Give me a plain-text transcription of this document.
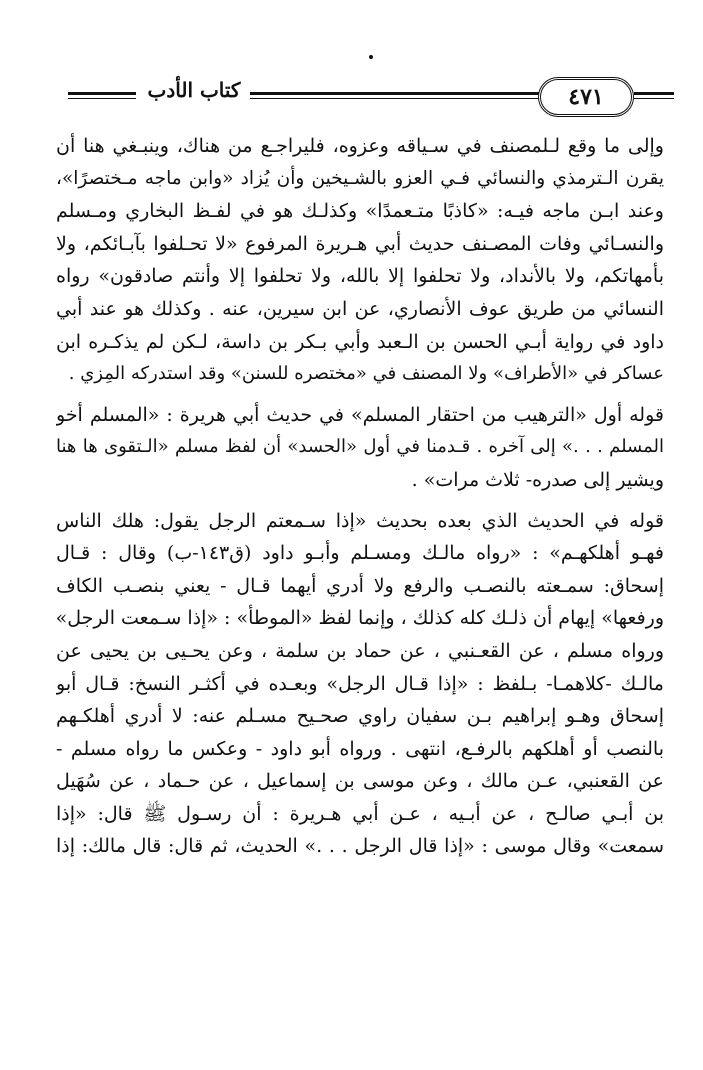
كتاب الأدب	٤٧١
وإلى ما وقع لـلمصنف في سـياقه وعزوه، فليراجـع من هناك، وينبـغي هنا أن
يقرن الـترمذي والنسائي فـي العزو بالشـيخين وأن يُزاد «وابن ماجه مـختصرًا»،
وعند ابـن ماجه فيـه: «كاذبًا متـعمدًا» وكذلـك هو في لفـظ البخاري ومـسلم
والنسـائي وفات المصـنف حديث أبي هـريرة المرفوع «لا تحـلفوا بآبـائكم، ولا
بأمهاتكم، ولا بالأنداد، ولا تحلفوا إلا بالله، ولا تحلفوا إلا وأنتم صادقون» رواه
النسائي من طريق عوف الأنصاري، عن ابن سيرين، عنه . وكذلك هو عند أبي
داود في رواية أبـي الحسن بن الـعبد وأبي بـكر بن داسة، لـكن لم يذكـره ابن
عساكر في «الأطراف» ولا المصنف في «مختصره للسنن» وقد استدركه المِزي .
قوله أول «الترهيب من احتقار المسلم» في حديث أبي هريرة : «المسلم أخو
المسلم . . .» إلى آخره . قـدمنا في أول «الحسد» أن لفظ مسلم «الـتقوى ها هنا
ويشير إلى صدره- ثلاث مرات» .
قوله في الحديث الذي بعده بحديث «إذا سـمعتم الرجل يقول: هلك الناس
فهـو أهلكهـم» : «رواه مالـك ومسـلم وأبـو داود (ق١٤٣-ب) وقال : قـال
إسحاق: سمـعته بالنصـب والرفع ولا أدري أيهما قـال - يعني بنصـب الكاف
ورفعها» إيهام أن ذلـك كله كذلك ، وإنما لفظ «الموطأ» : «إذا سـمعت الرجل»
ورواه مسلم ، عن القعـنبي ، عن حماد بن سلمة ، وعن يحـيى بن يحيى عن
مالـك -كلاهمـا- بـلفظ : «إذا قـال الرجل» وبعـده في أكثـر النسخ: قـال أبو
إسحاق وهـو إبراهيم بـن سفيان راوي صحـيح مسـلم عنه: لا أدري أهلكـهم
بالنصب أو أهلكهم بالرفـع، انتهى . ورواه أبو داود - وعكس ما رواه مسلم -
عن القعنبي، عـن مالك ، وعن موسى بن إسماعيل ، عن حـماد ، عن سُهَيل
بن أبـي صالـح ، عن أبـيه ، عـن أبي هـريرة : أن رسـول ﷺ قال: «إذا
سمعت» وقال موسى : «إذا قال الرجل . . .» الحديث، ثم قال: قال مالك: إذا
